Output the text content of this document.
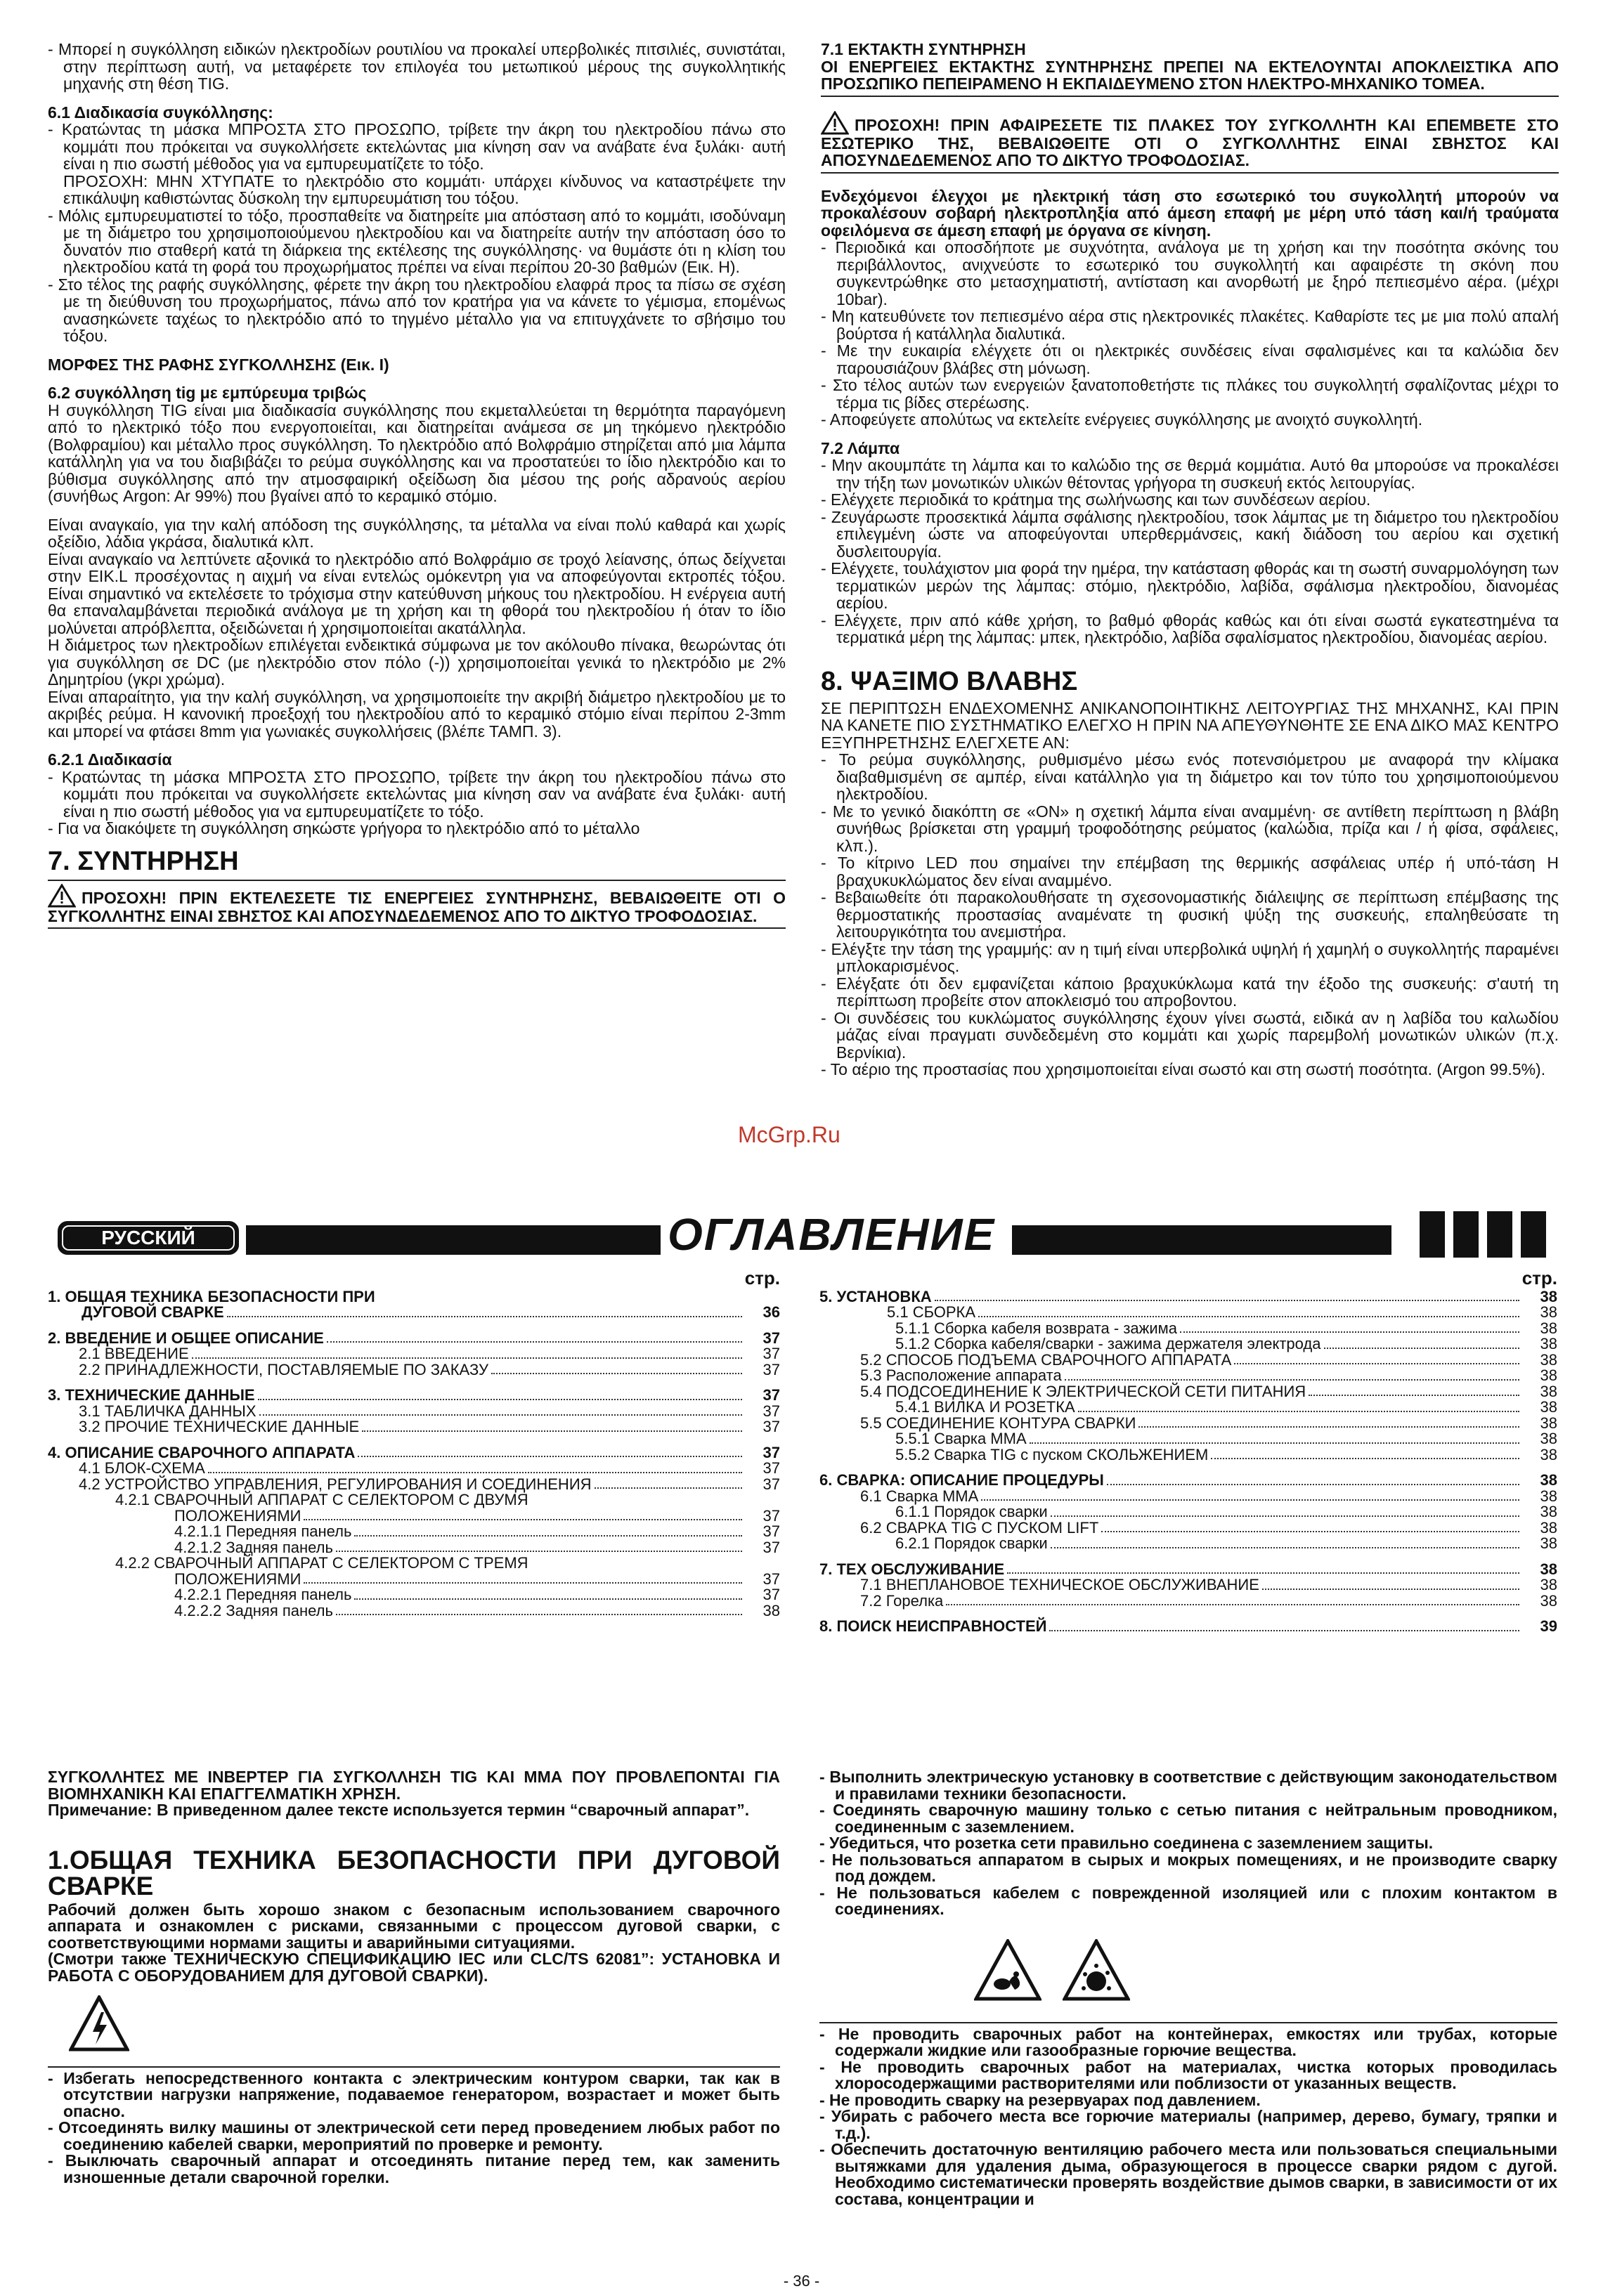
- Μπορεί η συγκόλληση ειδικών ηλεκτροδίων ρουτιλίου να προκαλεί υπερβολικές πιτσιλιές, συνιστάται, στην περίπτωση αυτή, να μεταφέρετε τον επιλογέα του μετωπικού μέρους της συγκολλητικής μηχανής στη θέση TIG.

6.1 Διαδικασία συγκόλλησης:

- Κρατώντας τη μάσκα ΜΠΡΟΣΤΑ ΣΤΟ ΠΡΟΣΩΠΟ, τρίβετε την άκρη του ηλεκτροδίου πάνω στο κομμάτι που πρόκειται να συγκολλήσετε εκτελώντας μια κίνηση σαν να ανάβατε ένα ξυλάκι· αυτή είναι η πιο σωστή μέθοδος για να εμπυρευματίζετε το τόξο.

ΠΡΟΣΟΧΗ: ΜΗΝ ΧΤΥΠΑΤΕ το ηλεκτρόδιο στο κομμάτι· υπάρχει κίνδυνος να καταστρέψετε την επικάλυψη καθιστώντας δύσκολη την εμπυρευμάτιση του τόξου.

- Μόλις εμπυρευματιστεί το τόξο, προσπαθείτε να διατηρείτε μια απόσταση από το κομμάτι, ισοδύναμη με τη διάμετρο του χρησιμοποιούμενου ηλεκτροδίου και να διατηρείτε αυτήν την απόσταση όσο το δυνατόν πιο σταθερή κατά τη διάρκεια της εκτέλεσης της συγκόλλησης· να θυμάστε ότι η κλίση του ηλεκτροδίου κατά τη φορά του προχωρήματος πρέπει να είναι περίπου 20-30 βαθμών (Εικ. Η).

- Στο τέλος της ραφής συγκόλλησης, φέρετε την άκρη του ηλεκτροδίου ελαφρά προς τα πίσω σε σχέση με τη διεύθυνση του προχωρήματος, πάνω από τον κρατήρα για να κάνετε το γέμισμα, επομένως ανασηκώνετε ταχέως το ηλεκτρόδιο από το τηγμένο μέταλλο για να επιτυγχάνετε το σβήσιμο του τόξου.

ΜΟΡΦΕΣ ΤΗΣ ΡΑΦΗΣ ΣΥΓΚΟΛΛΗΣΗΣ (Εικ. I)

6.2 συγκόλληση tig με εμπύρευμα τριβώς

Η συγκόλληση TIG είναι μια διαδικασία συγκόλλησης που εκμεταλλεύεται τη θερμότητα παραγόμενη από το ηλεκτρικό τόξο που ενεργοποιείται, και διατηρείται ανάμεσα σε μη τηκόμενο ηλεκτρόδιο (Βολφραμίου) και μέταλλο προς συγκόλληση. Το ηλεκτρόδιο από Βολφράμιο στηρίζεται από μια λάμπα κατάλληλη για να του διαβιβάζει το ρεύμα συγκόλλησης και να προστατεύει το ίδιο ηλεκτρόδιο και το βύθισμα συγκόλλησης από την ατμοσφαιρική οξείδωση δια μέσου της ροής αδρανούς αερίου (συνήθως Argon: Ar 99%) που βγαίνει από το κεραμικό στόμιο.

Είναι αναγκαίο, για την καλή απόδοση της συγκόλλησης, τα μέταλλα να είναι πολύ καθαρά και χωρίς οξείδιο, λάδια γκράσα, διαλυτικά κλπ.

Είναι αναγκαίο να λεπτύνετε αξονικά το ηλεκτρόδιο από Βολφράμιο σε τροχό λείανσης, όπως δείχνεται στην ΕΙΚ.L προσέχοντας η αιχμή να είναι εντελώς ομόκεντρη για να αποφεύγονται εκτροπές τόξου. Είναι σημαντικό να εκτελέσετε το τρόχισμα στην κατεύθυνση μήκους του ηλεκτροδίου. Η ενέργεια αυτή θα επαναλαμβάνεται περιοδικά ανάλογα με τη χρήση και τη φθορά του ηλεκτροδίου ή όταν το ίδιο μολύνεται απρόβλεπτα, οξειδώνεται ή χρησιμοποιείται ακατάλληλα.

Η διάμετρος των ηλεκτροδίων επιλέγεται ενδεικτικά σύμφωνα με τον ακόλουθο πίνακα, θεωρώντας ότι για συγκόλληση σε DC (με ηλεκτρόδιο στον πόλο (-)) χρησιμοποιείται γενικά το ηλεκτρόδιο με 2% Δημητρίου (γκρι χρώμα).

Είναι απαραίτητο, για την καλή συγκόλληση, να χρησιμοποιείτε την ακριβή διάμετρο ηλεκτροδίου με το ακριβές ρεύμα. Η κανονική προεξοχή του ηλεκτροδίου από το κεραμικό στόμιο είναι περίπου 2-3mm και μπορεί να φτάσει 8mm για γωνιακές συγκολλήσεις (βλέπε ΤΑΜΠ. 3).

6.2.1 Διαδικασία

- Κρατώντας τη μάσκα ΜΠΡΟΣΤΑ ΣΤΟ ΠΡΟΣΩΠΟ, τρίβετε την άκρη του ηλεκτροδίου πάνω στο κομμάτι που πρόκειται να συγκολλήσετε εκτελώντας μια κίνηση σαν να ανάβατε ένα ξυλάκι· αυτή είναι η πιο σωστή μέθοδος για να εμπυρευματίζετε το τόξο.

- Για να διακόψετε τη συγκόλληση σηκώστε γρήγορα το ηλεκτρόδιο από το μέταλλο

7. ΣΥΝΤΗΡΗΣΗ

ΠΡΟΣΟΧΗ! ΠΡΙΝ ΕΚΤΕΛΕΣΕΤΕ ΤΙΣ ΕΝΕΡΓΕΙΕΣ ΣΥΝΤΗΡΗΣΗΣ, ΒΕΒΑΙΩΘΕΙΤΕ ΟΤΙ Ο ΣΥΓΚΟΛΛΗΤΗΣ ΕΙΝΑΙ ΣΒΗΣΤΟΣ ΚΑΙ ΑΠΟΣΥΝΔΕΔΕΜΕΝΟΣ ΑΠΟ ΤΟ ΔΙΚΤΥΟ ΤΡΟΦΟΔΟΣΙΑΣ.

7.1 ΕΚΤΑΚΤΗ ΣΥΝΤΗΡΗΣΗ

ΟΙ ΕΝΕΡΓΕΙΕΣ ΕΚΤΑΚΤΗΣ ΣΥΝΤΗΡΗΣΗΣ ΠΡΕΠΕΙ ΝΑ ΕΚΤΕΛΟΥΝΤΑΙ ΑΠΟΚΛΕΙΣΤΙΚΑ ΑΠΟ ΠΡΟΣΩΠΙΚΟ ΠΕΠΕΙΡΑΜΕΝΟ Η ΕΚΠΑΙΔΕΥΜΕΝΟ ΣΤΟΝ ΗΛΕΚΤΡΟ-ΜΗΧΑΝΙΚΟ ΤΟΜΕΑ.

ΠΡΟΣΟΧΗ! ΠΡΙΝ ΑΦΑΙΡΕΣΕΤΕ ΤΙΣ ΠΛΑΚΕΣ ΤΟΥ ΣΥΓΚΟΛΛΗΤΗ ΚΑΙ ΕΠΕΜΒΕΤΕ ΣΤΟ ΕΣΩΤΕΡΙΚΟ ΤΗΣ, ΒΕΒΑΙΩΘΕΙΤΕ ΟΤΙ Ο ΣΥΓΚΟΛΛΗΤΗΣ ΕΙΝΑΙ ΣΒΗΣΤΟΣ ΚΑΙ ΑΠΟΣΥΝΔΕΔΕΜΕΝΟΣ ΑΠΟ ΤΟ ΔΙΚΤΥΟ ΤΡΟΦΟΔΟΣΙΑΣ.

Ενδεχόμενοι έλεγχοι με ηλεκτρική τάση στο εσωτερικό του συγκολλητή μπορούν να προκαλέσουν σοβαρή ηλεκτροπληξία από άμεση επαφή με μέρη υπό τάση και/ή τραύματα οφειλόμενα σε άμεση επαφή με όργανα σε κίνηση.

- Περιοδικά και οποσδήποτε με συχνότητα, ανάλογα με τη χρήση και την ποσότητα σκόνης του περιβάλλοντος, ανιχνεύστε το εσωτερικό του συγκολλητή και αφαιρέστε τη σκόνη που συγκεντρώθηκε στο μετασχηματιστή, αντίσταση και ανορθωτή με ξηρό πεπιεσμένο αέρα. (μέχρι 10bar).

- Μη κατευθύνετε τον πεπιεσμένο αέρα στις ηλεκτρονικές πλακέτες. Καθαρίστε τες με μια πολύ απαλή βούρτσα ή κατάλληλα διαλυτικά.

- Με την ευκαιρία ελέγχετε ότι οι ηλεκτρικές συνδέσεις είναι σφαλισμένες και τα καλώδια δεν παρουσιάζουν βλάβες στη μόνωση.

- Στο τέλος αυτών των ενεργειών ξανατοποθετήστε τις πλάκες του συγκολλητή σφαλίζοντας μέχρι το τέρμα τις βίδες στερέωσης.

- Αποφεύγετε απολύτως να εκτελείτε ενέργειες συγκόλλησης με ανοιχτό συγκολλητή.

7.2 Λάμπα

- Μην ακουμπάτε τη λάμπα και το καλώδιο της σε θερμά κομμάτια. Αυτό θα μπορούσε να προκαλέσει την τήξη των μονωτικών υλικών θέτοντας γρήγορα τη συσκευή εκτός λειτουργίας.

- Ελέγχετε περιοδικά το κράτημα της σωλήνωσης και των συνδέσεων αερίου.

- Ζευγάρωστε προσεκτικά λάμπα σφάλισης ηλεκτροδίου, τσοκ λάμπας με τη διάμετρο του ηλεκτροδίου επιλεγμένη ώστε να αποφεύγονται υπερθερμάνσεις, κακή διάδοση του αερίου και σχετική δυσλειτουργία.

- Ελέγχετε, τουλάχιστον μια φορά την ημέρα, την κατάσταση φθοράς και τη σωστή συναρμολόγηση των τερματικών μερών της λάμπας: στόμιο, ηλεκτρόδιο, λαβίδα, σφάλισμα ηλεκτροδίου, διανομέας αερίου.

- Ελέγχετε, πριν από κάθε χρήση, το βαθμό φθοράς καθώς και ότι είναι σωστά εγκατεστημένα τα τερματικά μέρη της λάμπας: μπεκ, ηλεκτρόδιο, λαβίδα σφαλίσματος ηλεκτροδίου, διανομέας αερίου.

8. ΨΑΞΙΜΟ ΒΛΑΒΗΣ

ΣΕ ΠΕΡΙΠΤΩΣΗ ΕΝΔΕΧΟΜΕΝΗΣ ΑΝΙΚΑΝΟΠΟΙΗΤΙΚΗΣ ΛΕΙΤΟΥΡΓΙΑΣ ΤΗΣ ΜΗΧΑΝΗΣ, ΚΑΙ ΠΡΙΝ ΝΑ ΚΑΝΕΤΕ ΠΙΟ ΣΥΣΤΗΜΑΤΙΚΟ ΕΛΕΓΧΟ Η ΠΡΙΝ ΝΑ ΑΠΕΥΘΥΝΘΗΤΕ ΣΕ ΕΝΑ ΔΙΚΟ ΜΑΣ ΚΕΝΤΡΟ ΕΞΥΠΗΡΕΤΗΣΗΣ ΕΛΕΓΧΕΤΕ ΑΝ:

- Το ρεύμα συγκόλλησης, ρυθμισμένο μέσω ενός ποτενσιόμετρου με αναφορά την κλίμακα διαβαθμισμένη σε αμπέρ, είναι κατάλληλο για τη διάμετρο και τον τύπο του χρησιμοποιούμενου ηλεκτροδίου.

- Με το γενικό διακόπτη σε «ON» η σχετική λάμπα είναι αναμμένη· σε αντίθετη περίπτωση η βλάβη συνήθως βρίσκεται στη γραμμή τροφοδότησης ρεύματος (καλώδια, πρίζα και / ή φίσα, σφάλειες, κλπ.).

- Το κίτρινο LED που σημαίνει την επέμβαση της θερμικής ασφάλειας υπέρ ή υπό-τάση Η βραχυκυκλώματος δεν είναι αναμμένο.

- Βεβαιωθείτε ότι παρακολουθήσατε τη σχεσονομαστικής διάλειψης σε περίπτωση επέμβασης της θερμοστατικής προστασίας αναμένατε τη φυσική ψύξη της συσκευής, επαληθεύσατε τη λειτουργικότητα του ανεμιστήρα.

- Ελέγξτε την τάση της γραμμής: αν η τιμή είναι υπερβολικά υψηλή ή χαμηλή ο συγκολλητής παραμένει μπλοκαρισμένος.

- Ελέγξατε ότι δεν εμφανίζεται κάποιο βραχυκύκλωμα κατά την έξοδο της συσκευής: σ'αυτή τη περίπτωση προβείτε στον αποκλεισμό του απροβοντου.

- Οι συνδέσεις του κυκλώματος συγκόλλησης έχουν γίνει σωστά, ειδικά αν η λαβίδα του καλωδίου μάζας είναι πραγματι συνδεδεμένη στο κομμάτι και χωρίς παρεμβολή μονωτικών υλικών (π.χ. Βερνίκια).

- Το αέριο της προστασίας που χρησιμοποιείται είναι σωστό και στη σωστή ποσότητα. (Argon 99.5%).

McGrp.Ru
РУССКИЙ	ОГЛАВЛЕНИЕ
стр.
1. ОБЩАЯ ТЕХНИКА БЕЗОПАСНОСТИ ПРИ
ДУГОВОЙ СВАРКЕ	36
2. ВВЕДЕНИЕ И ОБЩЕЕ ОПИСАНИЕ	37
2.1 ВВЕДЕНИЕ	37
2.2 ПРИНАДЛЕЖНОСТИ, ПОСТАВЛЯЕМЫЕ ПО ЗАКАЗУ	37
3. ТЕХНИЧЕСКИЕ ДАННЫЕ	37
3.1 ТАБЛИЧКА ДАННЫХ	37
3.2 ПРОЧИЕ ТЕХНИЧЕСКИЕ ДАННЫЕ	37
4. ОПИСАНИЕ СВАРОЧНОГО АППАРАТА	37
4.1 БЛОК-СХЕМА	37
4.2 УСТРОЙСТВО УПРАВЛЕНИЯ, РЕГУЛИРОВАНИЯ И СОЕДИНЕНИЯ	37
4.2.1 СВАРОЧНЫЙ АППАРАТ С СЕЛЕКТОРОМ С ДВУМЯ
ПОЛОЖЕНИЯМИ	37
4.2.1.1 Передняя панель	37
4.2.1.2 Задняя панель	37
4.2.2 СВАРОЧНЫЙ АППАРАТ С СЕЛЕКТОРОМ С ТРЕМЯ
ПОЛОЖЕНИЯМИ	37
4.2.2.1 Передняя панель	37
4.2.2.2 Задняя панель	38
стр.
5. УСТАНОВКА	38
5.1 СБОРКА	38
5.1.1 Сборка кабеля возврата - зажима	38
5.1.2 Сборка кабеля/сварки - зажима держателя электрода	38
5.2 СПОСОБ ПОДЪЕМА СВАРОЧНОГО АППАРАТА	38
5.3 Расположение аппарата	38
5.4 ПОДСОЕДИНЕНИЕ К ЭЛЕКТРИЧЕСКОЙ СЕТИ ПИТАНИЯ	38
5.4.1 ВИЛКА И РОЗЕТКА	38
5.5 СОЕДИНЕНИЕ КОНТУРА СВАРКИ	38
5.5.1 Сварка ММА	38
5.5.2 Сварка TIG с пуском СКОЛЬЖЕНИЕМ	38
6. СВАРКА: ОПИСАНИЕ ПРОЦЕДУРЫ	38
6.1 Сварка ММА	38
6.1.1 Порядок сварки	38
6.2 СВАРКА TIG С ПУСКОМ LIFT	38
6.2.1 Порядок сварки	38
7. ТЕХ ОБСЛУЖИВАНИЕ	38
7.1 ВНЕПЛАНОВОЕ ТЕХНИЧЕСКОЕ ОБСЛУЖИВАНИЕ	38
7.2 Горелка	38
8. ПОИСК НЕИСПРАВНОСТЕЙ	39

ΣΥΓΚΟΛΛΗΤΕΣ ΜΕ ΙΝΒΕΡΤΕΡ ΓΙΑ ΣΥΓΚΟΛΛΗΣΗ TIG ΚΑΙ ΜΜΑ ΠΟΥ ΠΡΟΒΛΕΠΟΝΤΑΙ ΓΙΑ ΒΙΟΜΗΧΑΝΙΚΗ ΚΑΙ ΕΠΑΓΓΕΛΜΑΤΙΚΗ ΧΡΗΣΗ.

Примечание: В приведенном далее тексте используется термин “сварочный аппарат”.

1.ОБЩАЯ ТЕХНИКА БЕЗОПАСНОСТИ ПРИ ДУГОВОЙ СВАРКЕ

Рабочий должен быть хорошо знаком с безопасным использованием сварочного аппарата и ознакомлен с рисками, связанными с процессом дуговой сварки, с соответствующими нормами защиты и аварийными ситуациями.

(Смотри также ТЕХНИЧЕСКУЮ СПЕЦИФИКАЦИЮ IEC или CLC/TS 62081”: УСТАНОВКА И РАБОТА С ОБОРУДОВАНИЕМ ДЛЯ ДУГОВОЙ СВАРКИ).

- Избегать непосредственного контакта с электрическим контуром сварки, так как в отсутствии нагрузки напряжение, подаваемое генератором, возрастает и может быть опасно.

- Отсоединять вилку машины от электрической сети перед проведением любых работ по соединению кабелей сварки, мероприятий по проверке и ремонту.

- Выключать сварочный аппарат и отсоединять питание перед тем, как заменить изношенные детали сварочной горелки.

- Выполнить электрическую установку в соответствие с действующим законодательством и правилами техники безопасности.

- Соединять сварочную машину только с сетью питания с нейтральным проводником, соединенным с заземлением.

- Убедиться, что розетка сети правильно соединена с заземлением защиты.

- Не пользоваться аппаратом в сырых и мокрых помещениях, и не производите сварку под дождем.

- Не пользоваться кабелем с поврежденной изоляцией или с плохим контактом в соединениях.

- Не проводить сварочных работ на контейнерах, емкостях или трубах, которые содержали жидкие или газообразные горючие вещества.

- Не проводить сварочных работ на материалах, чистка которых проводилась хлоросодержащими растворителями или поблизости от указанных веществ.

- Не проводить сварку на резервуарах под давлением.

- Убирать с рабочего места все горючие материалы (например, дерево, бумагу, тряпки и т.д.).

- Обеспечить достаточную вентиляцию рабочего места или пользоваться специальными вытяжками для удаления дыма, образующегося в процессе сварки рядом с дугой. Необходимо систематически проверять воздействие дымов сварки, в зависимости от их состава, концентрации и

- 36 -
